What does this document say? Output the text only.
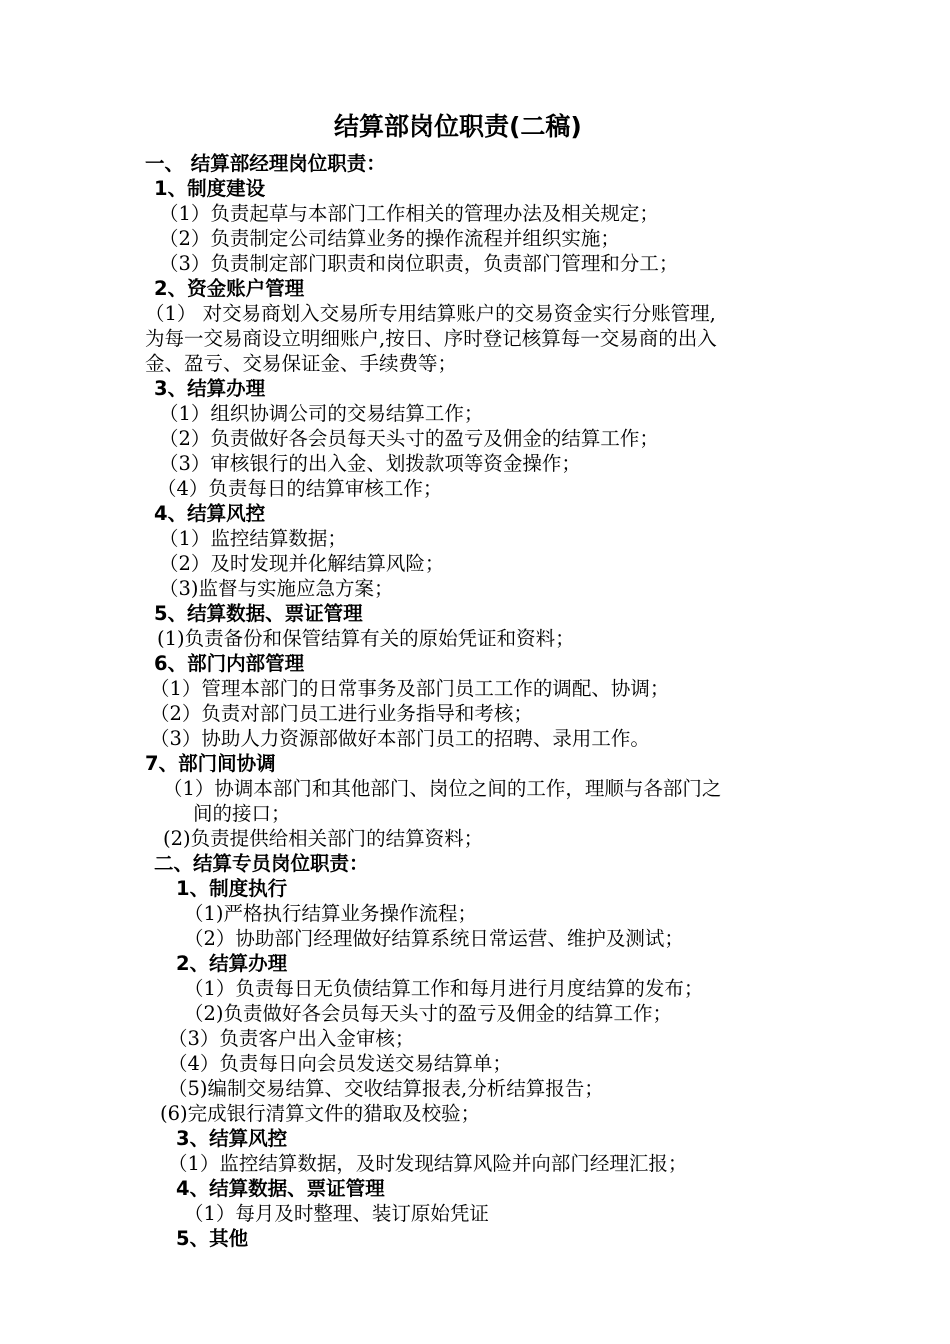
结算部岗位职责(二稿)
一、 结算部经理岗位职责：
1、制度建设
（1）负责起草与本部门工作相关的管理办法及相关规定；
（2）负责制定公司结算业务的操作流程并组织实施；
（3）负责制定部门职责和岗位职责，负责部门管理和分工；
2、资金账户管理
（1） 对交易商划入交易所专用结算账户的交易资金实行分账管理,
为每一交易商设立明细账户,按日、序时登记核算每一交易商的出入
金、盈亏、交易保证金、手续费等；
3、结算办理
（1）组织协调公司的交易结算工作；
（2）负责做好各会员每天头寸的盈亏及佣金的结算工作；
（3）审核银行的出入金、划拨款项等资金操作；
（4）负责每日的结算审核工作；
4、结算风控
（1）监控结算数据；
（2）及时发现并化解结算风险；
（3)监督与实施应急方案；
5、结算数据、票证管理
(1)负责备份和保管结算有关的原始凭证和资料；
6、部门内部管理
（1）管理本部门的日常事务及部门员工工作的调配、协调；
（2）负责对部门员工进行业务指导和考核；
（3）协助人力资源部做好本部门员工的招聘、录用工作。
7、部门间协调
（1）协调本部门和其他部门、岗位之间的工作，理顺与各部门之
间的接口；
(2)负责提供给相关部门的结算资料；
二、结算专员岗位职责：
1、制度执行
（1)严格执行结算业务操作流程；
（2）协助部门经理做好结算系统日常运营、维护及测试；
2、结算办理
（1）负责每日无负债结算工作和每月进行月度结算的发布；
（2)负责做好各会员每天头寸的盈亏及佣金的结算工作；
（3）负责客户出入金审核；
（4）负责每日向会员发送交易结算单；
（5)编制交易结算、交收结算报表,分析结算报告；
(6)完成银行清算文件的猎取及校验；
3、结算风控
（1）监控结算数据，及时发现结算风险并向部门经理汇报；
4、结算数据、票证管理
（1）每月及时整理、装订原始凭证
5、其他
